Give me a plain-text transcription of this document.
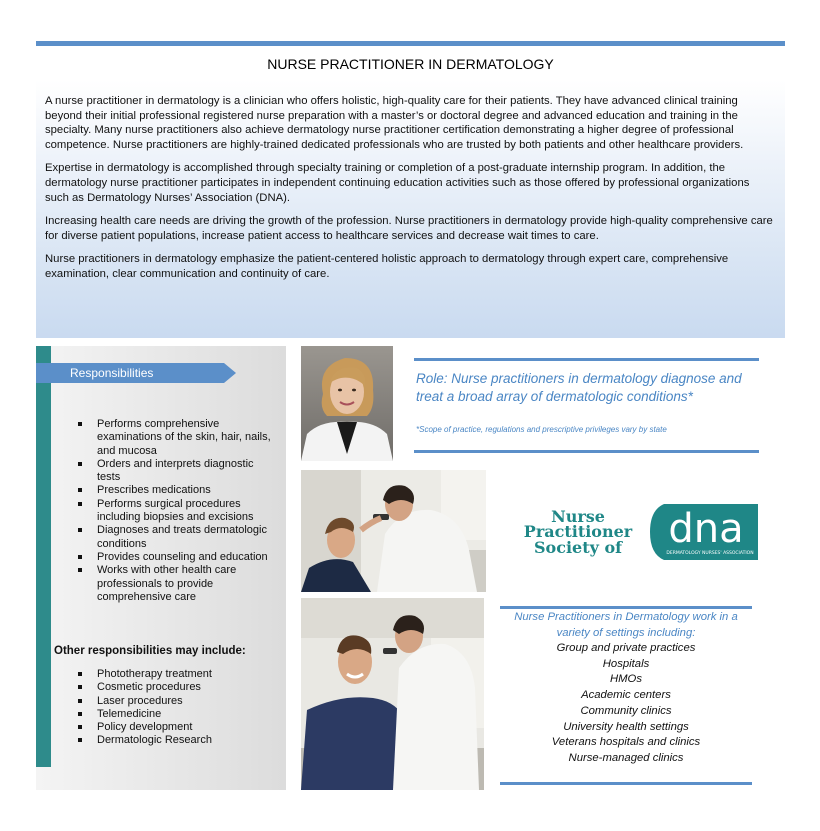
NURSE PRACTITIONER IN DERMATOLOGY

A nurse practitioner in dermatology is a clinician who offers holistic, high-quality care for their patients. They have advanced clinical training beyond their initial professional registered nurse preparation with a master’s or doctoral degree and advanced education and training in the specialty. Many nurse practitioners also achieve dermatology nurse practitioner certification demonstrating a higher degree of professional competence. Nurse practitioners are highly-trained dedicated professionals who are trusted by both patients and other healthcare providers.

Expertise in dermatology is accomplished through specialty training or completion of a post-graduate internship program. In addition, the dermatology nurse practitioner participates in independent continuing education activities such as those offered by professional organizations such as Dermatology Nurses’ Association (DNA).

Increasing health care needs are driving the growth of the profession. Nurse practitioners in dermatology provide high-quality comprehensive care for diverse patient populations, increase patient access to healthcare services and decrease wait times to care.

Nurse practitioners in dermatology emphasize the patient-centered holistic approach to dermatology through expert care, comprehensive examination, clear communication and continuity of care.

Responsibilities
Performs comprehensive examinations of the skin, hair, nails, and mucosa
Orders and interprets diagnostic tests
Prescribes medications
Performs surgical procedures including biopsies and excisions
Diagnoses and treats dermatologic conditions
Provides counseling and education
Works with other health care professionals to provide comprehensive care
Other responsibilities may include:
Phototherapy treatment
Cosmetic procedures
Laser procedures
Telemedicine
Policy development
Dermatologic Research
Role: Nurse practitioners in dermatology diagnose and treat a broad array of dermatologic conditions*
*Scope of practice, regulations and prescriptive privileges vary by state
Nurse
Practitioner
Society of dna
DERMATOLOGY NURSES' ASSOCIATION
Nurse Practitioners in Dermatology work in a variety of settings including:
Group and private practices
Hospitals
HMOs
Academic centers
Community clinics
University health settings
Veterans hospitals and clinics
Nurse-managed clinics
